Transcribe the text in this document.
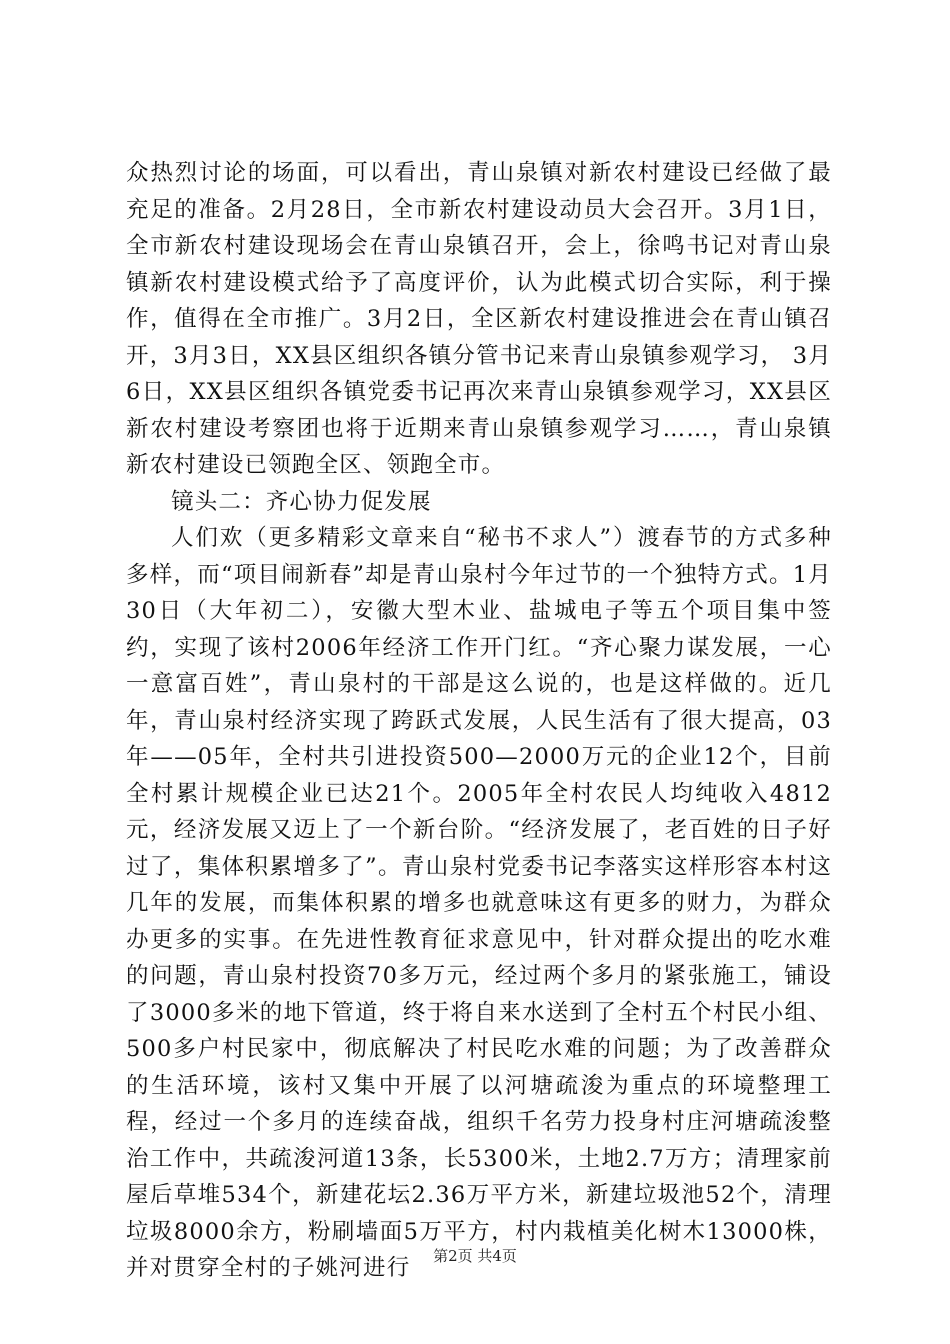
众热烈讨论的场面，可以看出，青山泉镇对新农村建设已经做了最充足的准备。2月28日，全市新农村建设动员大会召开。3月1日，全市新农村建设现场会在青山泉镇召开，会上，徐鸣书记对青山泉镇新农村建设模式给予了高度评价，认为此模式切合实际，利于操作，值得在全市推广。3月2日，全区新农村建设推进会在青山镇召开，3月3日，XX县区组织各镇分管书记来青山泉镇参观学习， 3月6日，XX县区组织各镇党委书记再次来青山泉镇参观学习，XX县区新农村建设考察团也将于近期来青山泉镇参观学习……，青山泉镇新农村建设已领跑全区、领跑全市。

镜头二：齐心协力促发展

人们欢（更多精彩文章来自“秘书不求人”）渡春节的方式多种多样，而“项目闹新春”却是青山泉村今年过节的一个独特方式。1月30日（大年初二），安徽大型木业、盐城电子等五个项目集中签约，实现了该村2006年经济工作开门红。“齐心聚力谋发展，一心一意富百姓”，青山泉村的干部是这么说的，也是这样做的。近几年，青山泉村经济实现了跨跃式发展，人民生活有了很大提高，03年——05年，全村共引进投资500—2000万元的企业12个，目前全村累计规模企业已达21个。2005年全村农民人均纯收入4812元，经济发展又迈上了一个新台阶。“经济发展了，老百姓的日子好过了，集体积累增多了”。青山泉村党委书记李落实这样形容本村这几年的发展，而集体积累的增多也就意味这有更多的财力，为群众办更多的实事。在先进性教育征求意见中，针对群众提出的吃水难的问题，青山泉村投资70多万元，经过两个多月的紧张施工，铺设了3000多米的地下管道，终于将自来水送到了全村五个村民小组、500多户村民家中，彻底解决了村民吃水难的问题；为了改善群众的生活环境，该村又集中开展了以河塘疏浚为重点的环境整理工程，经过一个多月的连续奋战，组织千名劳力投身村庄河塘疏浚整治工作中，共疏浚河道13条，长5300米，土地2.7万方；清理家前屋后草堆534个，新建花坛2.36万平方米，新建垃圾池52个，清理垃圾8000余方，粉刷墙面5万平方，村内栽植美化树木13000株，并对贯穿全村的子姚河进行	第2页 共4页
